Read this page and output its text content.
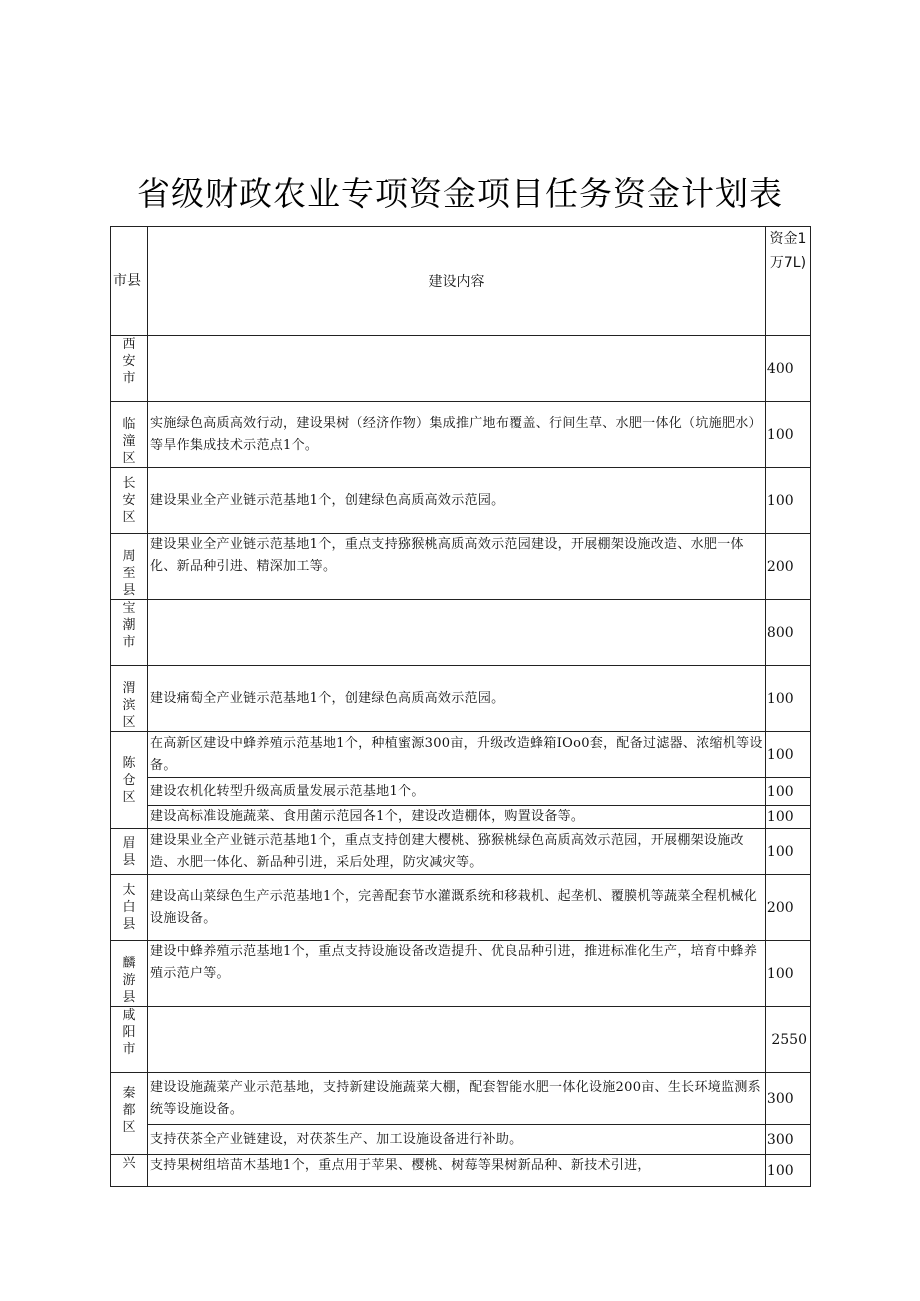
省级财政农业专项资金项目任务资金计划表
市县	建设内容	资金1万7L)
西安市		400
临潼区	实施绿色高质高效行动，建设果树（经济作物）集成推广地布覆盖、行间生草、水肥一体化（坑施肥水）等旱作集成技术示范点1个。	100
长安区	建设果业全产业链示范基地1个，创建绿色高质高效示范园。	100
周至县	建设果业全产业链示范基地1个，重点支持猕猴桃高质高效示范园建设，开展棚架设施改造、水肥一体化、新品种引进、精深加工等。	200
宝潮市		800
渭滨区	建设痛萄全产业链示范基地1个，创建绿色高质高效示范园。	100
陈仓区	在高新区建设中蜂养殖示范基地1个，种植蜜源300亩，升级改造蜂箱IOo0套，配备过滤器、浓缩机等设备。	100
	建设农机化转型升级高质量发展示范基地1个。	100
	建设高标准设施蔬菜、食用菌示范园各1个，建设改造棚体，购置设备等。	100
眉县	建设果业全产业链示范基地1个，重点支持创建大樱桃、猕猴桃绿色高质高效示范园，开展棚架设施改造、水肥一体化、新品种引进，采后处理，防灾减灾等。	100
太白县	建设高山菜绿色生产示范基地1个，完善配套节水灌溉系统和移栽机、起垄机、覆膜机等蔬菜全程机械化设施设备。	200
麟游县	建设中蜂养殖示范基地1个，重点支持设施设备改造提升、优良品种引进，推进标准化生产，培育中蜂养殖示范户等。	100
咸阳市		2550
秦都区	建设设施蔬菜产业示范基地，支持新建设施蔬菜大棚，配套智能水肥一体化设施200亩、生长环境监测系统等设施设备。	300
	支持茯茶全产业链建设，对茯茶生产、加工设施设备进行补助。	300
兴	支持果树组培苗木基地1个，重点用于苹果、樱桃、树莓等果树新品种、新技术引进，	100
